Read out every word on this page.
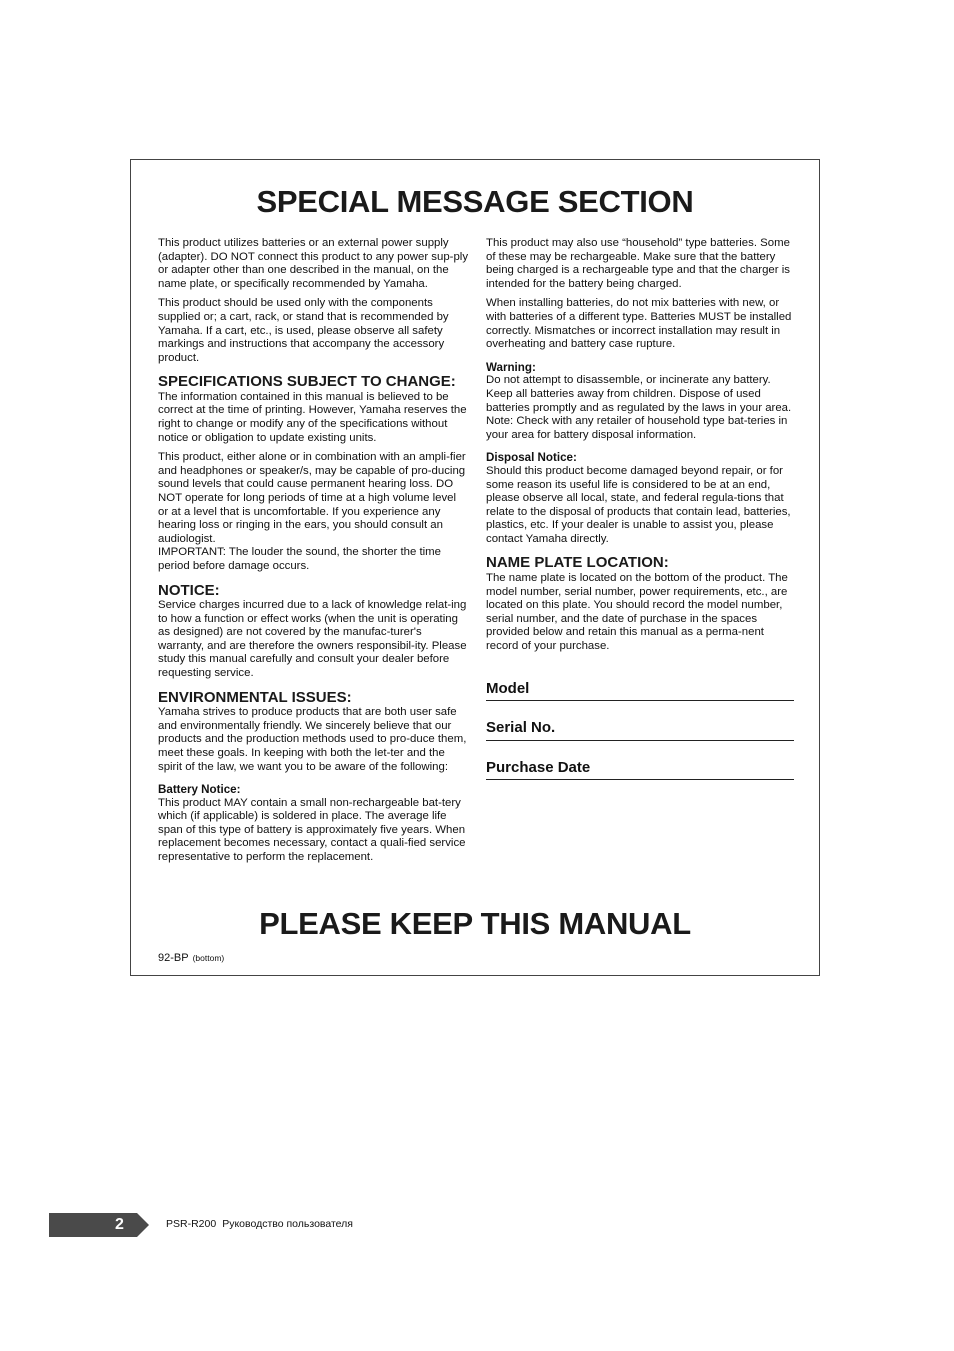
SPECIAL MESSAGE SECTION

This product utilizes batteries or an external power supply (adapter). DO NOT connect this product to any power sup-ply or adapter other than one described in the manual, on the name plate, or specifically recommended by Yamaha.

This product should be used only with the components supplied or; a cart, rack, or stand that is recommended by Yamaha. If a cart, etc., is used, please observe all safety markings and instructions that accompany the accessory product.

SPECIFICATIONS SUBJECT TO CHANGE:

The information contained in this manual is believed to be correct at the time of printing. However, Yamaha reserves the right to change or modify any of the specifications without notice or obligation to update existing units.

This product, either alone or in combination with an ampli-fier and headphones or speaker/s, may be capable of pro-ducing sound levels that could cause permanent hearing loss. DO NOT operate for long periods of time at a high volume level or at a level that is uncomfortable. If you experience any hearing loss or ringing in the ears, you should consult an audiologist.

IMPORTANT: The louder the sound, the shorter the time period before damage occurs.

NOTICE:

Service charges incurred due to a lack of knowledge relat-ing to how a function or effect works (when the unit is operating as designed) are not covered by the manufac-turer's warranty, and are therefore the owners responsibil-ity. Please study this manual carefully and consult your dealer before requesting service.

ENVIRONMENTAL ISSUES:

Yamaha strives to produce products that are both user safe and environmentally friendly. We sincerely believe that our products and the production methods used to pro-duce them, meet these goals. In keeping with both the let-ter and the spirit of the law, we want you to be aware of the following:

Battery Notice:

This product MAY contain a small non-rechargeable bat-tery which (if applicable) is soldered in place. The average life span of this type of battery is approximately five years. When replacement becomes necessary, contact a quali-fied service representative to perform the replacement.

This product may also use “household” type batteries. Some of these may be rechargeable. Make sure that the battery being charged is a rechargeable type and that the charger is intended for the battery being charged.

When installing batteries, do not mix batteries with new, or with batteries of a different type. Batteries MUST be installed correctly. Mismatches or incorrect installation may result in overheating and battery case rupture.

Warning:

Do not attempt to disassemble, or incinerate any battery. Keep all batteries away from children. Dispose of used batteries promptly and as regulated by the laws in your area. Note: Check with any retailer of household type bat-teries in your area for battery disposal information.

Disposal Notice:

Should this product become damaged beyond repair, or for some reason its useful life is considered to be at an end, please observe all local, state, and federal regula-tions that relate to the disposal of products that contain lead, batteries, plastics, etc. If your dealer is unable to assist you, please contact Yamaha directly.

NAME PLATE LOCATION:

The name plate is located on the bottom of the product. The model number, serial number, power requirements, etc., are located on this plate. You should record the model number, serial number, and the date of purchase in the spaces provided below and retain this manual as a perma-nent record of your purchase.

Model
Serial No.
Purchase Date
PLEASE KEEP THIS MANUAL
92-BP (bottom)
2	PSR-R200 Руководство пользователя
